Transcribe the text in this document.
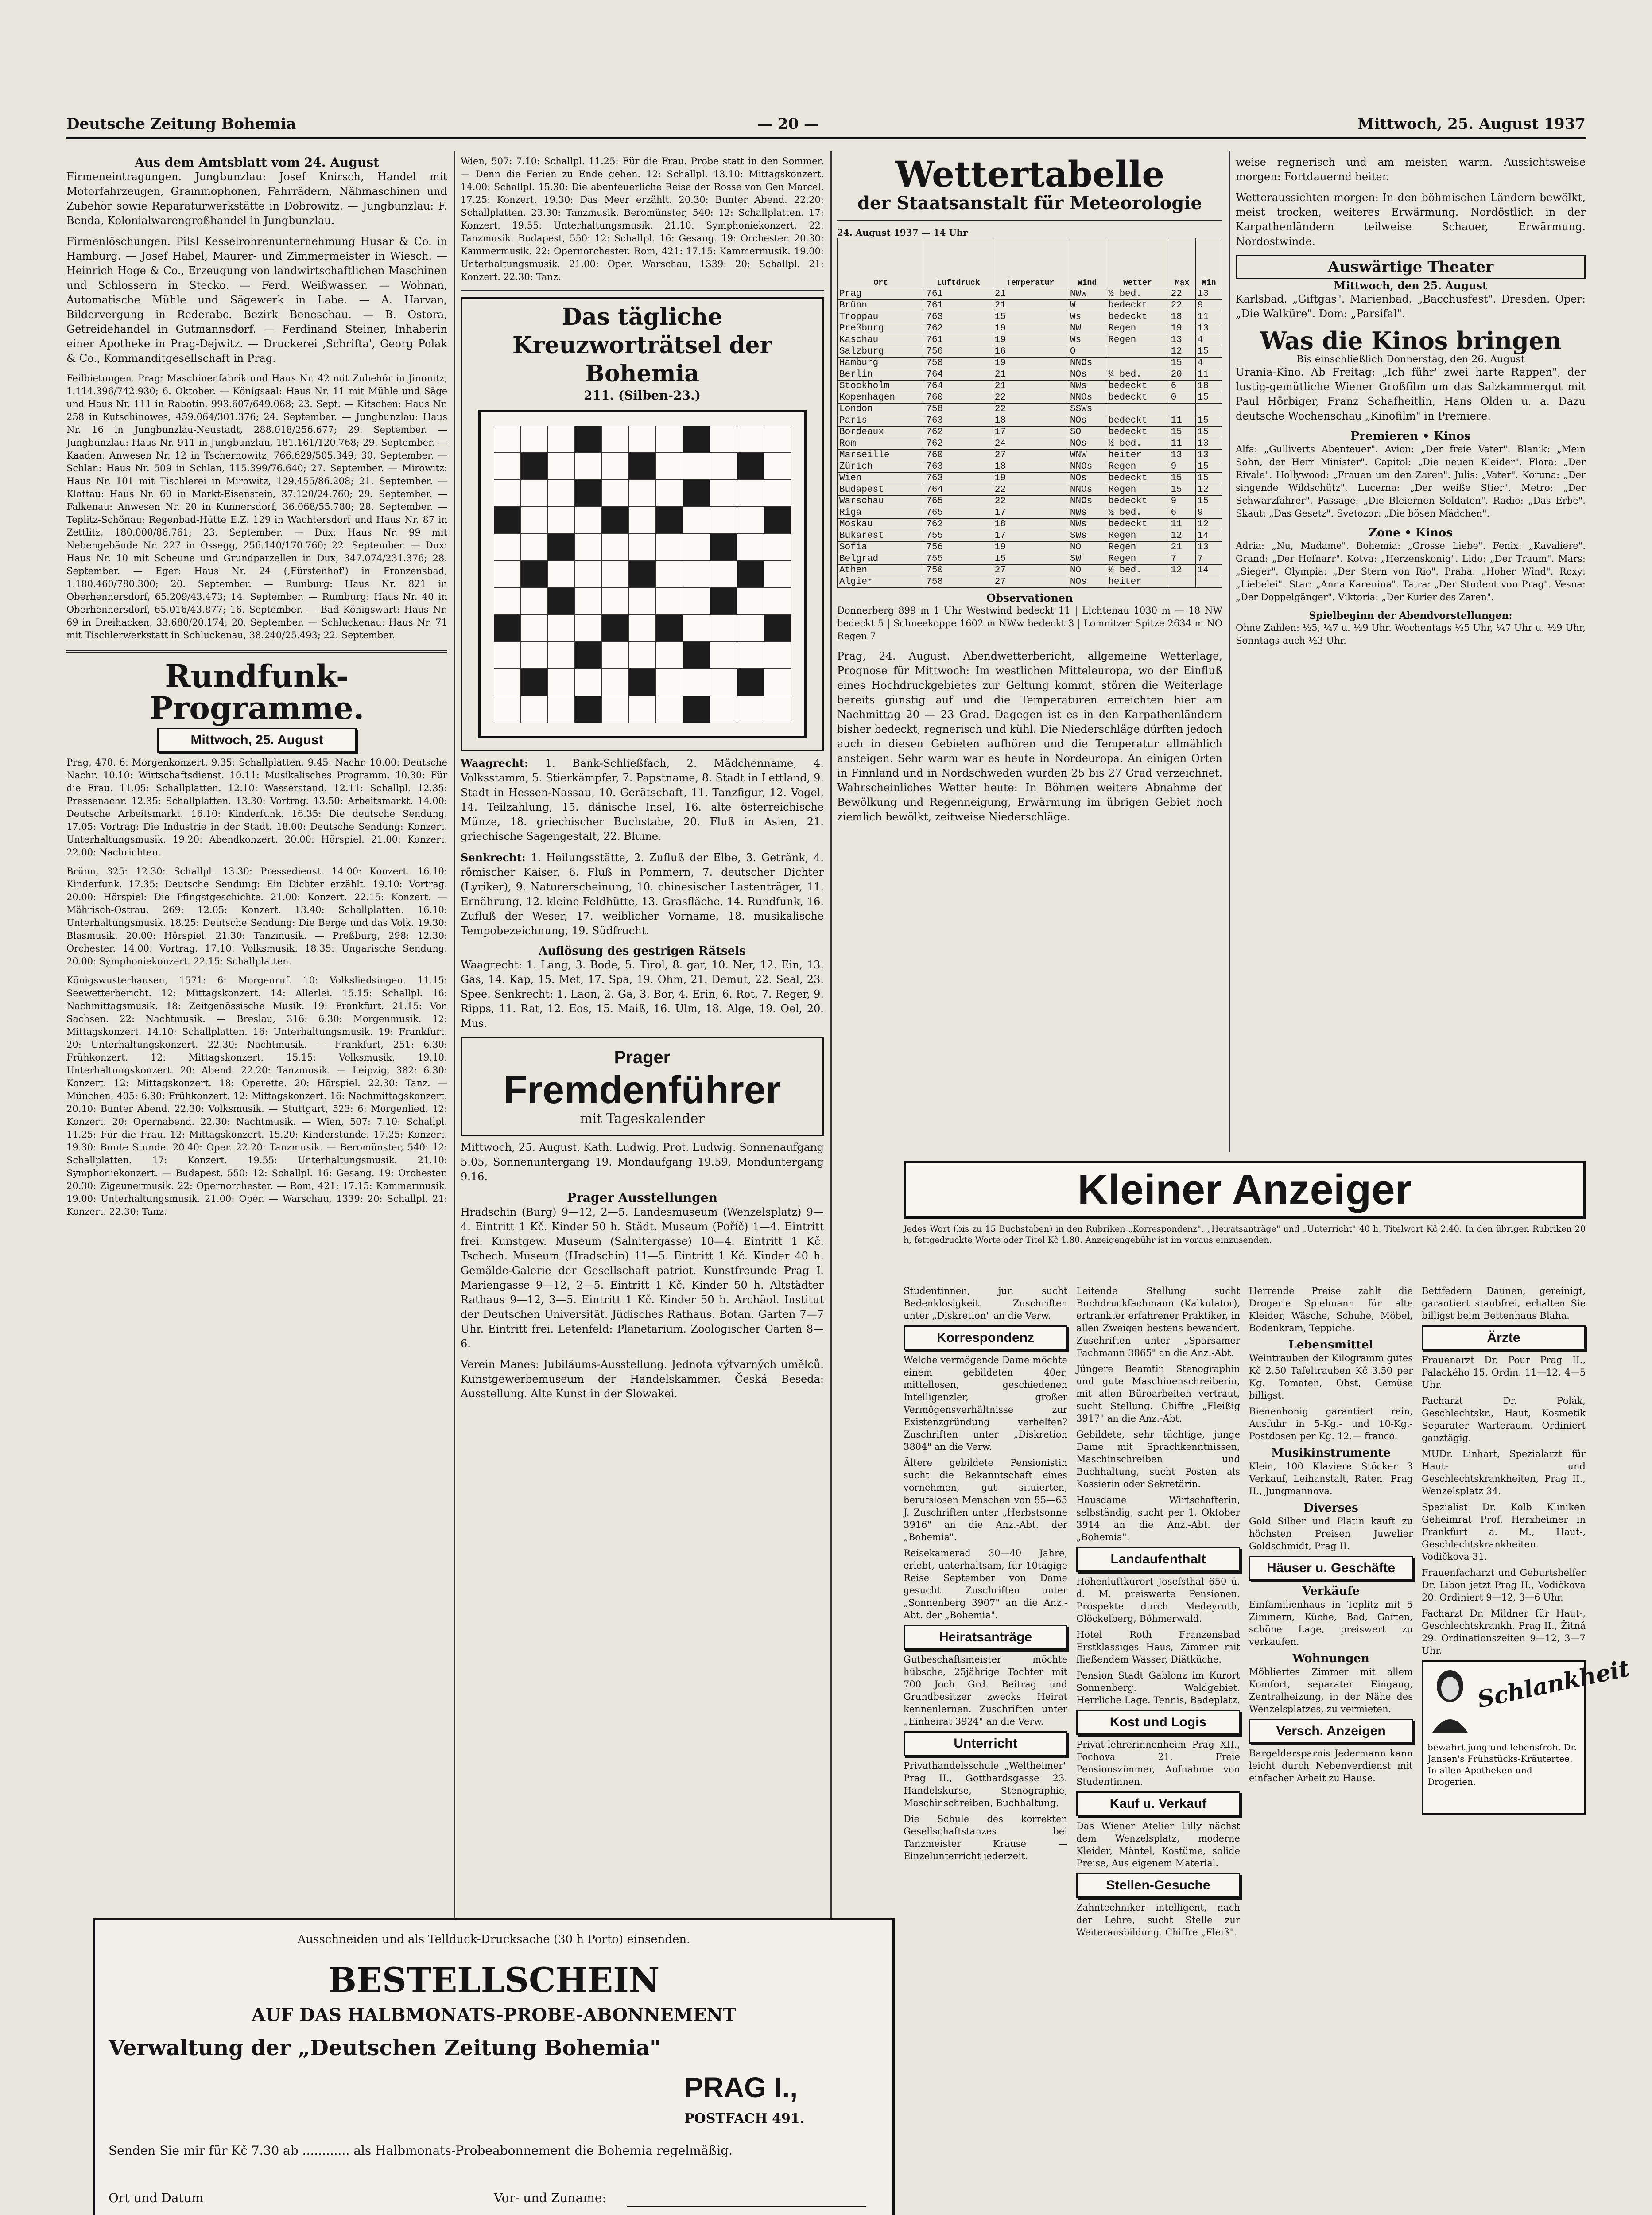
Deutsche Zeitung Bohemia	— 20 —	Mittwoch, 25. August 1937
Aus dem Amtsblatt vom 24. August

Firmeneintragungen. Jungbunzlau: Josef Knirsch, Handel mit Motorfahrzeugen, Grammophonen, Fahrrädern, Nähmaschinen und Zubehör sowie Reparaturwerkstätte in Dobrowitz. — Jungbunzlau: F. Benda, Kolonialwarengroßhandel in Jungbunzlau.

Firmenlöschungen. Pilsl Kesselrohrenunternehmung Husar & Co. in Hamburg. — Josef Habel, Maurer- und Zimmermeister in Wiesch. — Heinrich Hoge & Co., Erzeugung von landwirtschaftlichen Maschinen und Schlossern in Stecko. — Ferd. Weißwasser. — Wohnan, Automatische Mühle und Sägewerk in Labe. — A. Harvan, Bildervergung in Rederabc. Bezirk Beneschau. — B. Ostora, Getreidehandel in Gutmannsdorf. — Ferdinand Steiner, Inhaberin einer Apotheke in Prag-Dejwitz. — Druckerei ‚Schrifta', Georg Polak & Co., Kommanditgesellschaft in Prag.

Feilbietungen. Prag: Maschinenfabrik und Haus Nr. 42 mit Zubehör in Jinonitz, 1.114.396/742.930; 6. Oktober. — Königsaal: Haus Nr. 11 mit Mühle und Säge und Haus Nr. 111 in Rabotin, 993.607/649.068; 23. Sept. — Kitschen: Haus Nr. 258 in Kutschinowes, 459.064/301.376; 24. September. — Jungbunzlau: Haus Nr. 16 in Jungbunzlau-Neustadt, 288.018/256.677; 29. September. — Jungbunzlau: Haus Nr. 911 in Jungbunzlau, 181.161/120.768; 29. September. — Kaaden: Anwesen Nr. 12 in Tschernowitz, 766.629/505.349; 30. September. — Schlan: Haus Nr. 509 in Schlan, 115.399/76.640; 27. September. — Mirowitz: Haus Nr. 101 mit Tischlerei in Mirowitz, 129.455/86.208; 21. September. — Klattau: Haus Nr. 60 in Markt-Eisenstein, 37.120/24.760; 29. September. — Falkenau: Anwesen Nr. 20 in Kunnersdorf, 36.068/55.780; 28. September. — Teplitz-Schönau: Regenbad-Hütte E.Z. 129 in Wachtersdorf und Haus Nr. 87 in Zettlitz, 180.000/86.761; 23. September. — Dux: Haus Nr. 99 mit Nebengebäude Nr. 227 in Ossegg, 256.140/170.760; 22. September. — Dux: Haus Nr. 10 mit Scheune und Grundparzellen in Dux, 347.074/231.376; 28. September. — Eger: Haus Nr. 24 (‚Fürstenhof') in Franzensbad, 1.180.460/780.300; 20. September. — Rumburg: Haus Nr. 821 in Oberhennersdorf, 65.209/43.473; 14. September. — Rumburg: Haus Nr. 40 in Oberhennersdorf, 65.016/43.877; 16. September. — Bad Königswart: Haus Nr. 69 in Dreihacken, 33.680/20.174; 20. September. — Schluckenau: Haus Nr. 71 mit Tischlerwerkstatt in Schluckenau, 38.240/25.493; 22. September.

Rundfunk-Programme.
Mittwoch, 25. August

Prag, 470. 6: Morgenkonzert. 9.35: Schallplatten. 9.45: Nachr. 10.00: Deutsche Nachr. 10.10: Wirtschaftsdienst. 10.11: Musikalisches Programm. 10.30: Für die Frau. 11.05: Schallplatten. 12.10: Wasserstand. 12.11: Schallpl. 12.35: Pressenachr. 12.35: Schallplatten. 13.30: Vortrag. 13.50: Arbeitsmarkt. 14.00: Deutsche Arbeitsmarkt. 16.10: Kinderfunk. 16.35: Die deutsche Sendung. 17.05: Vortrag: Die Industrie in der Stadt. 18.00: Deutsche Sendung: Konzert. Unterhaltungsmusik. 19.20: Abendkonzert. 20.00: Hörspiel. 21.00: Konzert. 22.00: Nachrichten.

Brünn, 325: 12.30: Schallpl. 13.30: Pressedienst. 14.00: Konzert. 16.10: Kinderfunk. 17.35: Deutsche Sendung: Ein Dichter erzählt. 19.10: Vortrag. 20.00: Hörspiel: Die Pfingstgeschichte. 21.00: Konzert. 22.15: Konzert. — Mährisch-Ostrau, 269: 12.05: Konzert. 13.40: Schallplatten. 16.10: Unterhaltungsmusik. 18.25: Deutsche Sendung: Die Berge und das Volk. 19.30: Blasmusik. 20.00: Hörspiel. 21.30: Tanzmusik. — Preßburg, 298: 12.30: Orchester. 14.00: Vortrag. 17.10: Volksmusik. 18.35: Ungarische Sendung. 20.00: Symphoniekonzert. 22.15: Schallplatten.

Königswusterhausen, 1571: 6: Morgenruf. 10: Volksliedsingen. 11.15: Seewetterbericht. 12: Mittagskonzert. 14: Allerlei. 15.15: Schallpl. 16: Nachmittagsmusik. 18: Zeitgenössische Musik. 19: Frankfurt. 21.15: Von Sachsen. 22: Nachtmusik. — Breslau, 316: 6.30: Morgenmusik. 12: Mittagskonzert. 14.10: Schallplatten. 16: Unterhaltungsmusik. 19: Frankfurt. 20: Unterhaltungskonzert. 22.30: Nachtmusik. — Frankfurt, 251: 6.30: Frühkonzert. 12: Mittagskonzert. 15.15: Volksmusik. 19.10: Unterhaltungskonzert. 20: Abend. 22.20: Tanzmusik. — Leipzig, 382: 6.30: Konzert. 12: Mittagskonzert. 18: Operette. 20: Hörspiel. 22.30: Tanz. — München, 405: 6.30: Frühkonzert. 12: Mittagskonzert. 16: Nachmittagskonzert. 20.10: Bunter Abend. 22.30: Volksmusik. — Stuttgart, 523: 6: Morgenlied. 12: Konzert. 20: Opernabend. 22.30: Nachtmusik. — Wien, 507: 7.10: Schallpl. 11.25: Für die Frau. 12: Mittagskonzert. 15.20: Kinderstunde. 17.25: Konzert. 19.30: Bunte Stunde. 20.40: Oper. 22.20: Tanzmusik. — Beromünster, 540: 12: Schallplatten. 17: Konzert. 19.55: Unterhaltungsmusik. 21.10: Symphoniekonzert. — Budapest, 550: 12: Schallpl. 16: Gesang. 19: Orchester. 20.30: Zigeunermusik. 22: Opernorchester. — Rom, 421: 17.15: Kammermusik. 19.00: Unterhaltungsmusik. 21.00: Oper. — Warschau, 1339: 20: Schallpl. 21: Konzert. 22.30: Tanz.

Wien, 507: 7.10: Schallpl. 11.25: Für die Frau. Probe statt in den Sommer. — Denn die Ferien zu Ende gehen. 12: Schallpl. 13.10: Mittagskonzert. 14.00: Schallpl. 15.30: Die abenteuerliche Reise der Rosse von Gen Marcel. 17.25: Konzert. 19.30: Das Meer erzählt. 20.30: Bunter Abend. 22.20: Schallplatten. 23.30: Tanzmusik. Beromünster, 540: 12: Schallplatten. 17: Konzert. 19.55: Unterhaltungsmusik. 21.10: Symphoniekonzert. 22: Tanzmusik. Budapest, 550: 12: Schallpl. 16: Gesang. 19: Orchester. 20.30: Kammermusik. 22: Opernorchester. Rom, 421: 17.15: Kammermusik. 19.00: Unterhaltungsmusik. 21.00: Oper. Warschau, 1339: 20: Schallpl. 21: Konzert. 22.30: Tanz.

Das tägliche Kreuzworträtsel der Bohemia
211. (Silben-23.)

Waagrecht: 1. Bank-Schließfach, 2. Mädchenname, 4. Volksstamm, 5. Stierkämpfer, 7. Papstname, 8. Stadt in Lettland, 9. Stadt in Hessen-Nassau, 10. Gerätschaft, 11. Tanzfigur, 12. Vogel, 14. Teilzahlung, 15. dänische Insel, 16. alte österreichische Münze, 18. griechischer Buchstabe, 20. Fluß in Asien, 21. griechische Sagengestalt, 22. Blume.

Senkrecht: 1. Heilungsstätte, 2. Zufluß der Elbe, 3. Getränk, 4. römischer Kaiser, 6. Fluß in Pommern, 7. deutscher Dichter (Lyriker), 9. Naturerscheinung, 10. chinesischer Lastenträger, 11. Ernährung, 12. kleine Feldhütte, 13. Grasfläche, 14. Rundfunk, 16. Zufluß der Weser, 17. weiblicher Vorname, 18. musikalische Tempobezeichnung, 19. Südfrucht.

Auflösung des gestrigen Rätsels

Waagrecht: 1. Lang, 3. Bode, 5. Tirol, 8. gar, 10. Ner, 12. Ein, 13. Gas, 14. Kap, 15. Met, 17. Spa, 19. Ohm, 21. Demut, 22. Seal, 23. Spee. Senkrecht: 1. Laon, 2. Ga, 3. Bor, 4. Erin, 6. Rot, 7. Reger, 9. Ripps, 11. Rat, 12. Eos, 15. Maiß, 16. Ulm, 18. Alge, 19. Oel, 20. Mus.

Prager
Fremdenführer
mit Tageskalender

Mittwoch, 25. August. Kath. Ludwig. Prot. Ludwig. Sonnenaufgang 5.05, Sonnenuntergang 19. Mondaufgang 19.59, Monduntergang 9.16.

Prager Ausstellungen

Hradschin (Burg) 9—12, 2—5. Landesmuseum (Wenzelsplatz) 9—4. Eintritt 1 Kč. Kinder 50 h. Städt. Museum (Poříč) 1—4. Eintritt frei. Kunstgew. Museum (Salnitergasse) 10—4. Eintritt 1 Kč. Tschech. Museum (Hradschin) 11—5. Eintritt 1 Kč. Kinder 40 h. Gemälde-Galerie der Gesellschaft patriot. Kunstfreunde Prag I. Mariengasse 9—12, 2—5. Eintritt 1 Kč. Kinder 50 h. Altstädter Rathaus 9—12, 3—5. Eintritt 1 Kč. Kinder 50 h. Archäol. Institut der Deutschen Universität. Jüdisches Rathaus. Botan. Garten 7—7 Uhr. Eintritt frei. Letenfeld: Planetarium. Zoologischer Garten 8—6.

Verein Manes: Jubiläums-Ausstellung. Jednota výtvarných umělců. Kunstgewerbemuseum der Handelskammer. Česká Beseda: Ausstellung. Alte Kunst in der Slowakei.

Wettertabelle
der Staatsanstalt für Meteorologie
24. August 1937 — 14 Uhr
Ort	Luftdruck	Temperatur	Wind	Wetter	Max	Min
Prag	761	21	NWw	½ bed.	22	13
Brünn	761	21	W	bedeckt	22	9
Troppau	763	15	Ws	bedeckt	18	11
Preßburg	762	19	NW	Regen	19	13
Kaschau	761	19	Ws	Regen	13	4
Salzburg	756	16	O		12	15
Hamburg	758	19	NNOs		15	4
Berlin	764	21	NOs	¼ bed.	20	11
Stockholm	764	21	NWs	bedeckt	6	18
Kopenhagen	760	22	NNOs	bedeckt	0	15
London	758	22	SSWs			
Paris	763	18	NOs	bedeckt	11	15
Bordeaux	762	17	SO	bedeckt	15	15
Rom	762	24	NOs	½ bed.	11	13
Marseille	760	27	WNW	heiter	13	13
Zürich	763	18	NNOs	Regen	9	15
Wien	763	19	NOs	bedeckt	15	15
Budapest	764	22	NNOs	Regen	15	12
Warschau	765	22	NNOs	bedeckt	9	15
Riga	765	17	NWs	½ bed.	6	9
Moskau	762	18	NWs	bedeckt	11	12
Bukarest	755	17	SWs	Regen	12	14
Sofia	756	19	NO	Regen	21	13
Belgrad	755	15	SW	Regen	7	7
Athen	750	27	NO	½ bed.	12	14
Algier	758	27	NOs	heiter		
Observationen

Donnerberg 899 m 1 Uhr Westwind bedeckt 11 | Lichtenau 1030 m — 18 NW bedeckt 5 | Schneekoppe 1602 m NWw bedeckt 3 | Lomnitzer Spitze 2634 m NO Regen 7

Prag, 24. August. Abendwetterbericht, allgemeine Wetterlage, Prognose für Mittwoch: Im westlichen Mitteleuropa, wo der Einfluß eines Hochdruckgebietes zur Geltung kommt, stören die Weiterlage bereits günstig auf und die Temperaturen erreichten hier am Nachmittag 20 — 23 Grad. Dagegen ist es in den Karpathenländern bisher bedeckt, regnerisch und kühl. Die Niederschläge dürften jedoch auch in diesen Gebieten aufhören und die Temperatur allmählich ansteigen. Sehr warm war es heute in Nordeuropa. An einigen Orten in Finnland und in Nordschweden wurden 25 bis 27 Grad verzeichnet. Wahrscheinliches Wetter heute: In Böhmen weitere Abnahme der Bewölkung und Regenneigung, Erwärmung im übrigen Gebiet noch ziemlich bewölkt, zeitweise Niederschläge.

weise regnerisch und am meisten warm. Aussichtsweise morgen: Fortdauernd heiter.

Wetteraussichten morgen: In den böhmischen Ländern bewölkt, meist trocken, weiteres Erwärmung. Nordöstlich in der Karpathenländern teilweise Schauer, Erwärmung. Nordostwinde.

Auswärtige Theater
Mittwoch, den 25. August

Karlsbad. „Giftgas". Marienbad. „Bacchusfest". Dresden. Oper: „Die Walküre". Dom: „Parsifal".

Was die Kinos bringen
Bis einschließlich Donnerstag, den 26. August

Urania-Kino. Ab Freitag: „Ich führ' zwei harte Rappen", der lustig-gemütliche Wiener Großfilm um das Salzkammergut mit Paul Hörbiger, Franz Schafheitlin, Hans Olden u. a. Dazu deutsche Wochenschau „Kinofilm" in Premiere.

Premieren • Kinos

Alfa: „Gulliverts Abenteuer". Avion: „Der freie Vater". Blanik: „Mein Sohn, der Herr Minister". Capitol: „Die neuen Kleider". Flora: „Der Rivale". Hollywood: „Frauen um den Zaren". Julis: „Vater". Koruna: „Der singende Wildschütz". Lucerna: „Der weiße Stier". Metro: „Der Schwarzfahrer". Passage: „Die Bleiernen Soldaten". Radio: „Das Erbe". Skaut: „Das Gesetz". Svetozor: „Die bösen Mädchen".

Zone • Kinos

Adria: „Nu, Madame". Bohemia: „Grosse Liebe". Fenix: „Kavaliere". Grand: „Der Hofnarr". Kotva: „Herzenskonig". Lido: „Der Traum". Mars: „Sieger". Olympia: „Der Stern von Rio". Praha: „Hoher Wind". Roxy: „Liebelei". Star: „Anna Karenina". Tatra: „Der Student von Prag". Vesna: „Der Doppelgänger". Viktoria: „Der Kurier des Zaren".

Spielbeginn der Abendvorstellungen:

Ohne Zahlen: ½5, ¼7 u. ½9 Uhr. Wochentags ½5 Uhr, ¼7 Uhr u. ½9 Uhr, Sonntags auch ½3 Uhr.

Kleiner Anzeiger

Jedes Wort (bis zu 15 Buchstaben) in den Rubriken „Korrespondenz", „Heiratsanträge" und „Unterricht" 40 h, Titelwort Kč 2.40. In den übrigen Rubriken 20 h, fettgedruckte Worte oder Titel Kč 1.80. Anzeigengebühr ist im voraus einzusenden.

Studentinnen, jur. sucht Bedenklosigkeit. Zuschriften unter „Diskretion" an die Verw.

Korrespondenz

Welche vermögende Dame möchte einem gebildeten 40er, mittellosen, geschiedenen Intelligenzler, großer Vermögensverhältnisse zur Existenzgründung verhelfen? Zuschriften unter „Diskretion 3804" an die Verw.

Ältere gebildete Pensionistin sucht die Bekanntschaft eines vornehmen, gut situierten, berufslosen Menschen von 55—65 J. Zuschriften unter „Herbstsonne 3916" an die Anz.-Abt. der „Bohemia".

Reisekamerad 30—40 Jahre, erlebt, unterhaltsam, für 10tägige Reise September von Dame gesucht. Zuschriften unter „Sonnenberg 3907" an die Anz.-Abt. der „Bohemia".

Heiratsanträge

Gutbeschaftsmeister möchte hübsche, 25jährige Tochter mit 700 Joch Grd. Beitrag und Grundbesitzer zwecks Heirat kennenlernen. Zuschriften unter „Einheirat 3924" an die Verw.

Unterricht

Privathandelsschule „Weltheimer" Prag II., Gotthardsgasse 23. Handelskurse, Stenographie, Maschinschreiben, Buchhaltung.

Die Schule des korrekten Gesellschaftstanzes bei Tanzmeister Krause — Einzelunterricht jederzeit.

Leitende Stellung sucht Buchdruckfachmann (Kalkulator), ertrankter erfahrener Praktiker, in allen Zweigen bestens bewandert. Zuschriften unter „Sparsamer Fachmann 3865" an die Anz.-Abt.

Jüngere Beamtin Stenographin und gute Maschinenschreiberin, mit allen Büroarbeiten vertraut, sucht Stellung. Chiffre „Fleißig 3917" an die Anz.-Abt.

Gebildete, sehr tüchtige, junge Dame mit Sprachkenntnissen, Maschinschreiben und Buchhaltung, sucht Posten als Kassierin oder Sekretärin.

Hausdame Wirtschafterin, selbständig, sucht per 1. Oktober 3914 an die Anz.-Abt. der „Bohemia".

Landaufenthalt

Höhenluftkurort Josefsthal 650 ü. d. M. preiswerte Pensionen. Prospekte durch Medeyruth, Glöckelberg, Böhmerwald.

Hotel Roth Franzensbad Erstklassiges Haus, Zimmer mit fließendem Wasser, Diätküche.

Pension Stadt Gablonz im Kurort Sonnenberg. Waldgebiet. Herrliche Lage. Tennis, Badeplatz.

Kost und Logis

Privat-lehrerinnenheim Prag XII., Fochova 21. Freie Pensionszimmer, Aufnahme von Studentinnen.

Kauf u. Verkauf

Das Wiener Atelier Lilly nächst dem Wenzelsplatz, moderne Kleider, Mäntel, Kostüme, solide Preise, Aus eigenem Material.

Stellen-Gesuche

Zahntechniker intelligent, nach der Lehre, sucht Stelle zur Weiterausbildung. Chiffre „Fleiß".

Herrende Preise zahlt die Drogerie Spielmann für alte Kleider, Wäsche, Schuhe, Möbel, Bodenkram, Teppiche.

Lebensmittel

Weintrauben der Kilogramm gutes Kč 2.50 Tafeltrauben Kč 3.50 per Kg. Tomaten, Obst, Gemüse billigst.

Bienenhonig garantiert rein, Ausfuhr in 5-Kg.- und 10-Kg.-Postdosen per Kg. 12.— franco.

Musikinstrumente

Klein, 100 Klaviere Stöcker 3 Verkauf, Leihanstalt, Raten. Prag II., Jungmannova.

Diverses

Gold Silber und Platin kauft zu höchsten Preisen Juwelier Goldschmidt, Prag II.

Häuser u. Geschäfte
Verkäufe

Einfamilienhaus in Teplitz mit 5 Zimmern, Küche, Bad, Garten, schöne Lage, preiswert zu verkaufen.

Wohnungen

Möbliertes Zimmer mit allem Komfort, separater Eingang, Zentralheizung, in der Nähe des Wenzelsplatzes, zu vermieten.

Versch. Anzeigen

Bargeldersparnis Jedermann kann leicht durch Nebenverdienst mit einfacher Arbeit zu Hause.

Bettfedern Daunen, gereinigt, garantiert staubfrei, erhalten Sie billigst beim Bettenhaus Blaha.

Ärzte

Frauenarzt Dr. Pour Prag II., Palackého 15. Ordin. 11—12, 4—5 Uhr.

Facharzt Dr. Polák, Geschlechtskr., Haut, Kosmetik Separater Warteraum. Ordiniert ganztägig.

MUDr. Linhart, Spezialarzt für Haut- und Geschlechtskrankheiten, Prag II., Wenzelsplatz 34.

Spezialist Dr. Kolb Kliniken Geheimrat Prof. Herxheimer in Frankfurt a. M., Haut-, Geschlechtskrankheiten. Vodičkova 31.

Frauenfacharzt und Geburtshelfer Dr. Libon jetzt Prag II., Vodičkova 20. Ordiniert 9—12, 3—6 Uhr.

Facharzt Dr. Mildner für Haut-, Geschlechtskrankh. Prag II., Žitná 29. Ordinationszeiten 9—12, 3—7 Uhr.

Schlankheit
bewahrt jung und lebensfroh. Dr. Jansen's Frühstücks-Kräutertee. In allen Apotheken und Drogerien.
Ausschneiden und als Tellduck-Drucksache (30 h Porto) einsenden.
BESTELLSCHEIN
AUF DAS HALBMONATS-PROBE-ABONNEMENT
Verwaltung der „Deutschen Zeitung Bohemia"
PRAG I.,
POSTFACH 491.
Senden Sie mir für Kč 7.30 ab ............ als Halbmonats-Probeabonnement die Bohemia regelmäßig.
Ort und Datum	Vor- und Zuname:
